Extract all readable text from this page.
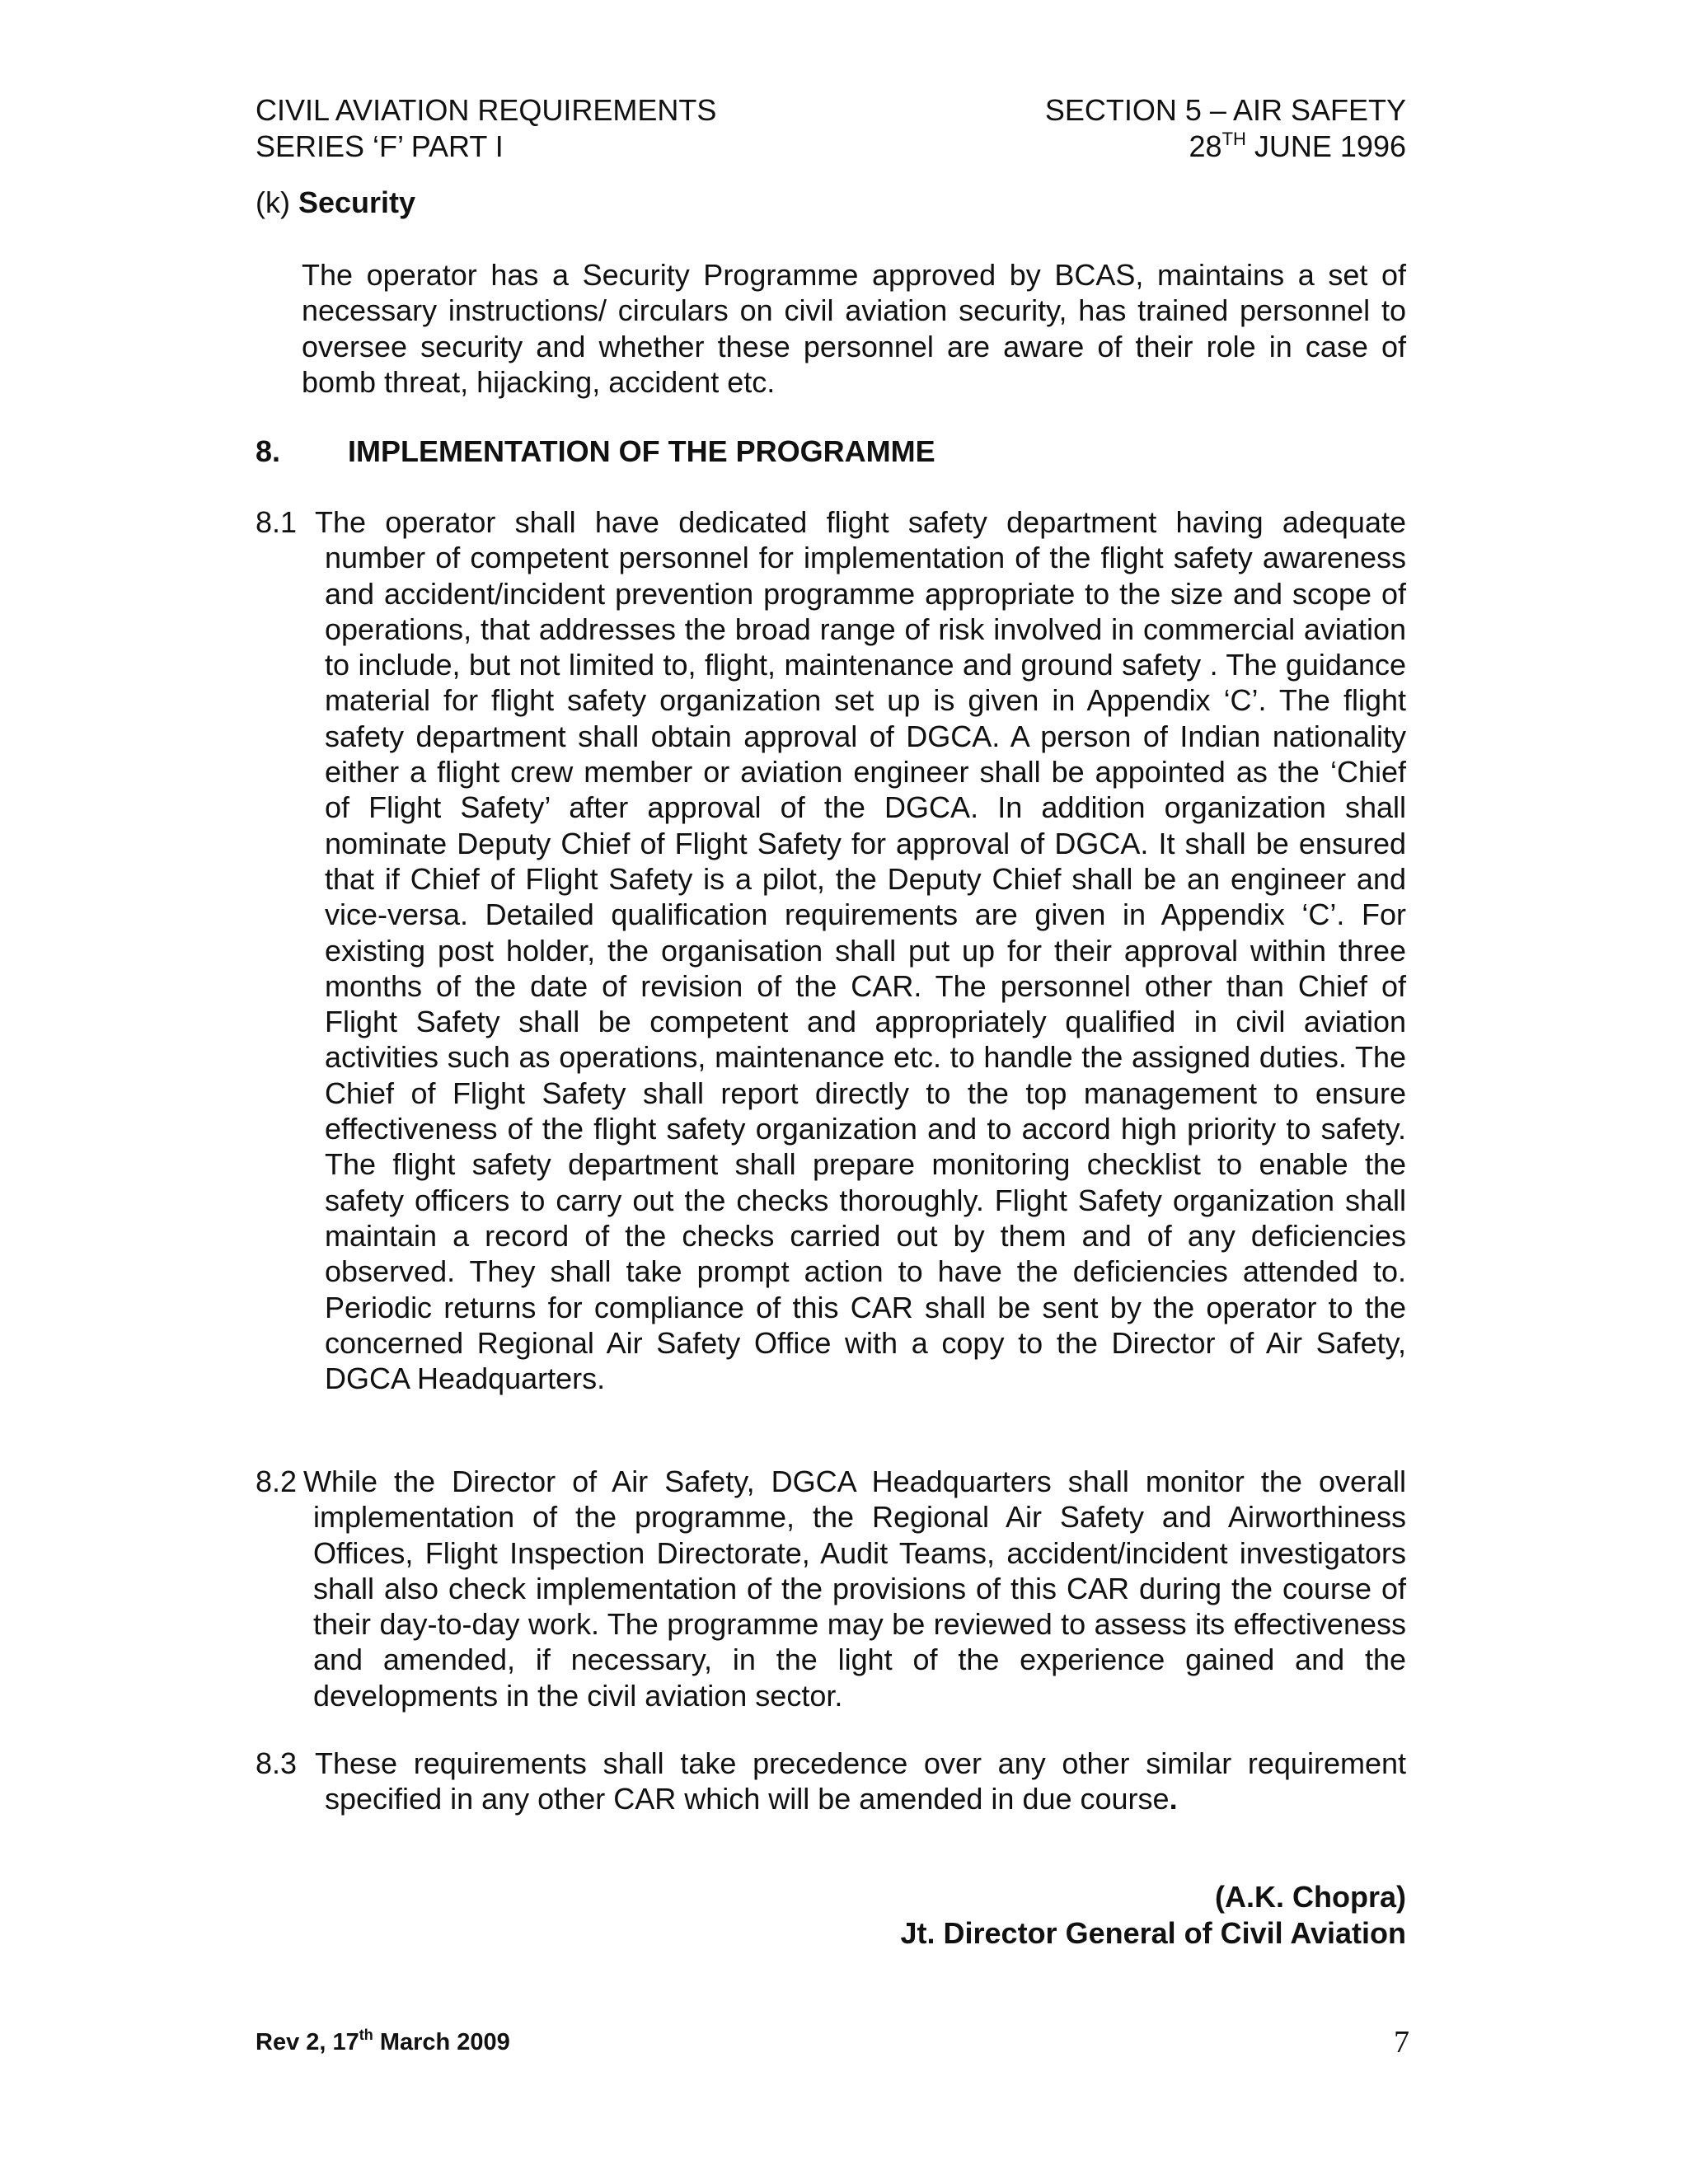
CIVIL AVIATION REQUIREMENTS
SERIES ‘F’ PART I
SECTION 5 – AIR SAFETY
28TH JUNE 1996
(k) Security
The operator has a Security Programme approved by BCAS, maintains a set of necessary instructions/ circulars on civil aviation security, has trained personnel to oversee security and whether these personnel are aware of their role in case of bomb threat, hijacking, accident etc.
8. IMPLEMENTATION OF THE PROGRAMME
8.1 The operator shall have dedicated flight safety department having adequate number of competent personnel for implementation of the flight safety awareness and accident/incident prevention programme appropriate to the size and scope of operations, that addresses the broad range of risk involved in commercial aviation to include, but not limited to, flight, maintenance and ground safety . The guidance material for flight safety organization set up is given in Appendix ‘C’. The flight safety department shall obtain approval of DGCA. A person of Indian nationality either a flight crew member or aviation engineer shall be appointed as the ‘Chief of Flight Safety’ after approval of the DGCA. In addition organization shall nominate Deputy Chief of Flight Safety for approval of DGCA. It shall be ensured that if Chief of Flight Safety is a pilot, the Deputy Chief shall be an engineer and vice-versa. Detailed qualification requirements are given in Appendix ‘C’. For existing post holder, the organisation shall put up for their approval within three months of the date of revision of the CAR. The personnel other than Chief of Flight Safety shall be competent and appropriately qualified in civil aviation activities such as operations, maintenance etc. to handle the assigned duties. The Chief of Flight Safety shall report directly to the top management to ensure effectiveness of the flight safety organization and to accord high priority to safety. The flight safety department shall prepare monitoring checklist to enable the safety officers to carry out the checks thoroughly. Flight Safety organization shall maintain a record of the checks carried out by them and of any deficiencies observed. They shall take prompt action to have the deficiencies attended to. Periodic returns for compliance of this CAR shall be sent by the operator to the concerned Regional Air Safety Office with a copy to the Director of Air Safety, DGCA Headquarters.
8.2 While the Director of Air Safety, DGCA Headquarters shall monitor the overall implementation of the programme, the Regional Air Safety and Airworthiness Offices, Flight Inspection Directorate, Audit Teams, accident/incident investigators shall also check implementation of the provisions of this CAR during the course of their day-to-day work. The programme may be reviewed to assess its effectiveness and amended, if necessary, in the light of the experience gained and the developments in the civil aviation sector.
8.3 These requirements shall take precedence over any other similar requirement specified in any other CAR which will be amended in due course.
(A.K. Chopra)
Jt. Director General of Civil Aviation
Rev 2, 17th March 2009	7
